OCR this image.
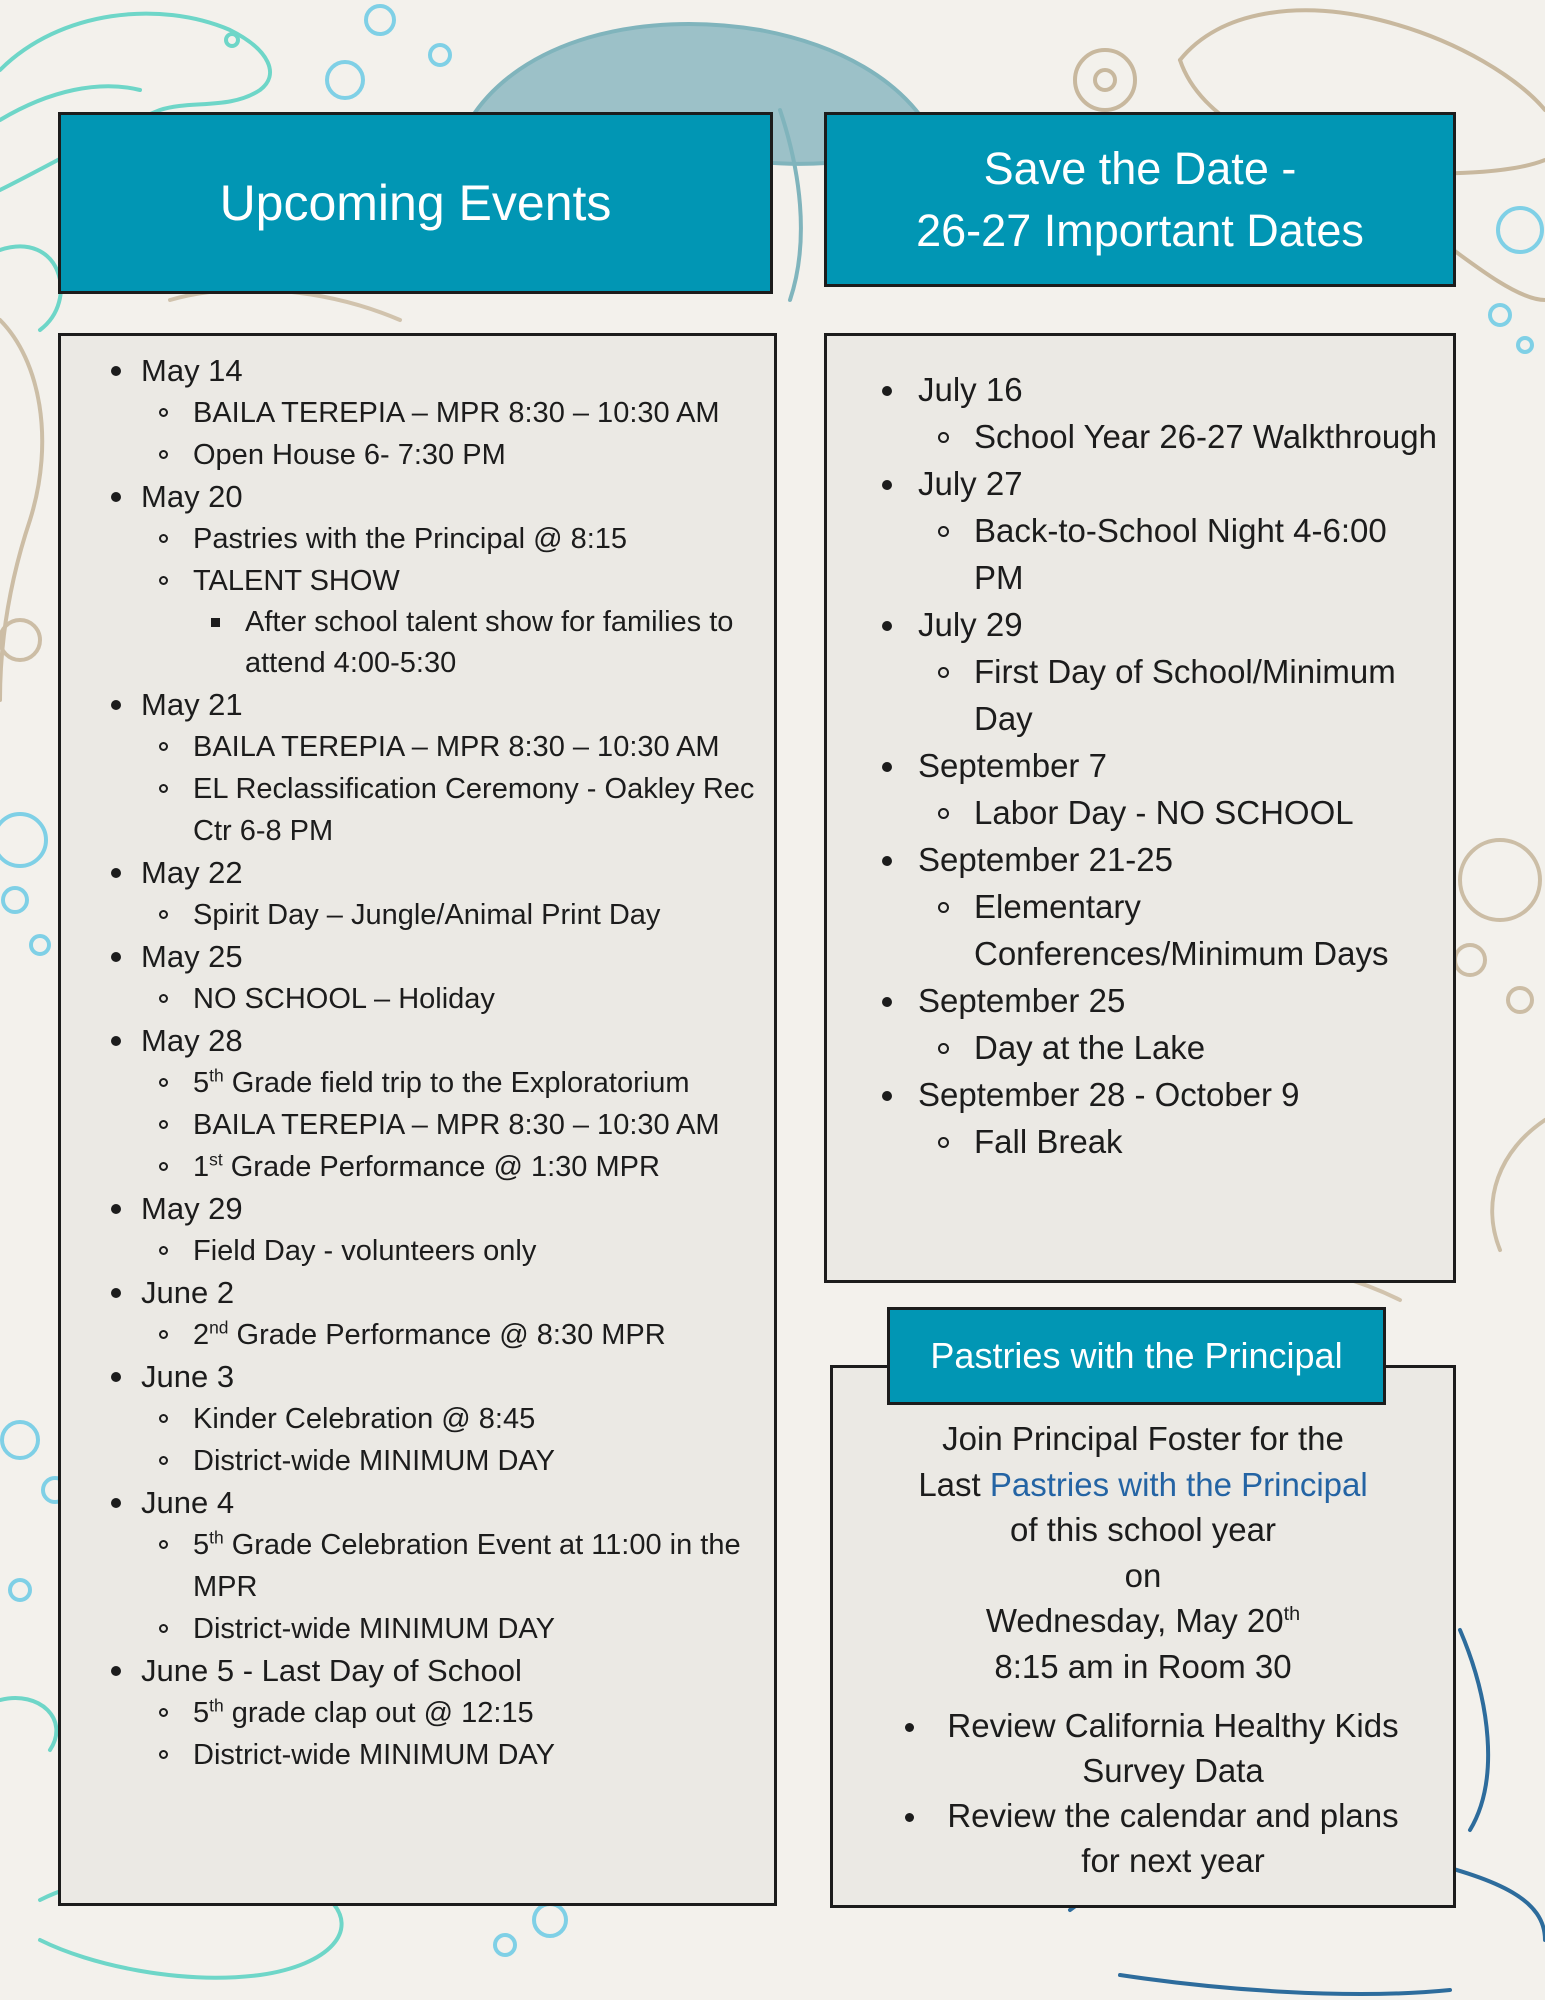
Upcoming Events
May 14
BAILA TEREPIA – MPR 8:30 – 10:30 AM
Open House 6- 7:30 PM
May 20
Pastries with the Principal @ 8:15
TALENT SHOW
After school talent show for families to attend 4:00-5:30
May 21
BAILA TEREPIA – MPR 8:30 – 10:30 AM
EL Reclassification Ceremony - Oakley Rec Ctr 6-8 PM
May 22
Spirit Day – Jungle/Animal Print Day
May 25
NO SCHOOL – Holiday
May 28
5th Grade field trip to the Exploratorium
BAILA TEREPIA – MPR 8:30 – 10:30 AM
1st Grade Performance @ 1:30 MPR
May 29
Field Day - volunteers only
June 2
2nd Grade Performance @ 8:30 MPR
June 3
Kinder Celebration @ 8:45
District-wide MINIMUM DAY
June 4
5th Grade Celebration Event at 11:00 in the MPR
District-wide MINIMUM DAY
June 5 - Last Day of School
5th grade clap out @ 12:15
District-wide MINIMUM DAY
Save the Date -
26-27 Important Dates
July 16
School Year 26-27 Walkthrough
July 27
Back-to-School Night 4-6:00 PM
July 29
First Day of School/Minimum Day
September 7
Labor Day - NO SCHOOL
September 21-25
Elementary Conferences/Minimum Days
September 25
Day at the Lake
September 28 - October 9
Fall Break

Join Principal Foster for the

Last Pastries with the Principal

of this school year

on

Wednesday, May 20th

8:15 am in Room 30

Review California Healthy Kids Survey Data
Review the calendar and plans for next year
Pastries with the Principal
